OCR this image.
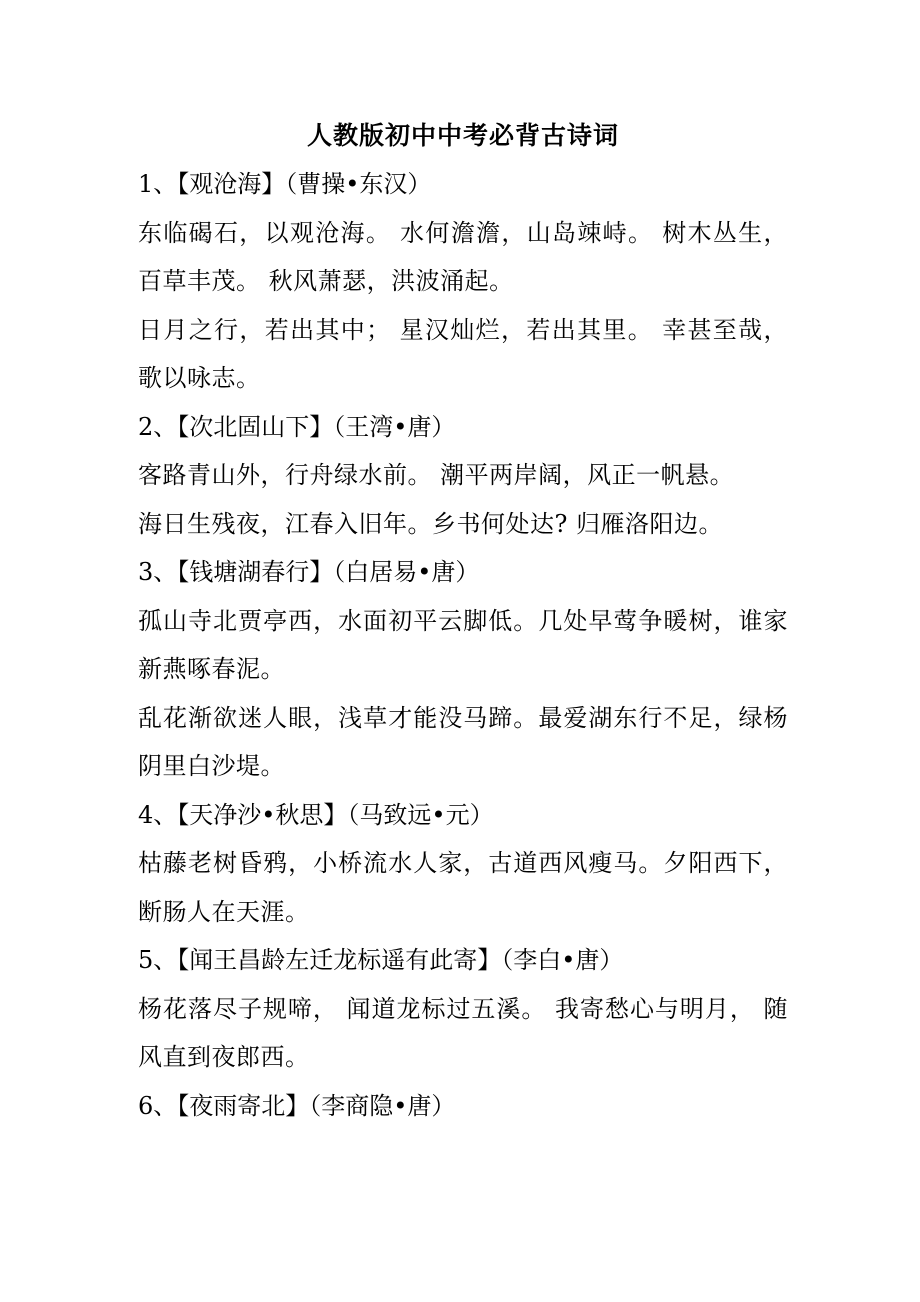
人教版初中中考必背古诗词

1、【观沧海】（曹操•东汉）

东临碣石，以观沧海。 水何澹澹，山岛竦峙。 树木丛生，百草丰茂。 秋风萧瑟，洪波涌起。

日月之行，若出其中； 星汉灿烂，若出其里。 幸甚至哉，歌以咏志。

2、【次北固山下】（王湾•唐）

客路青山外，行舟绿水前。 潮平两岸阔，风正一帆悬。

海日生残夜，江春入旧年。乡书何处达? 归雁洛阳边。

3、【钱塘湖春行】（白居易•唐）

孤山寺北贾亭西，水面初平云脚低。几处早莺争暖树，谁家新燕啄春泥。

乱花渐欲迷人眼，浅草才能没马蹄。最爱湖东行不足，绿杨阴里白沙堤。

4、【天净沙•秋思】（马致远•元）

枯藤老树昏鸦，小桥流水人家，古道西风瘦马。夕阳西下，断肠人在天涯。

5、【闻王昌龄左迁龙标遥有此寄】（李白•唐）

杨花落尽子规啼， 闻道龙标过五溪。 我寄愁心与明月， 随风直到夜郎西。

6、【夜雨寄北】（李商隐•唐）
